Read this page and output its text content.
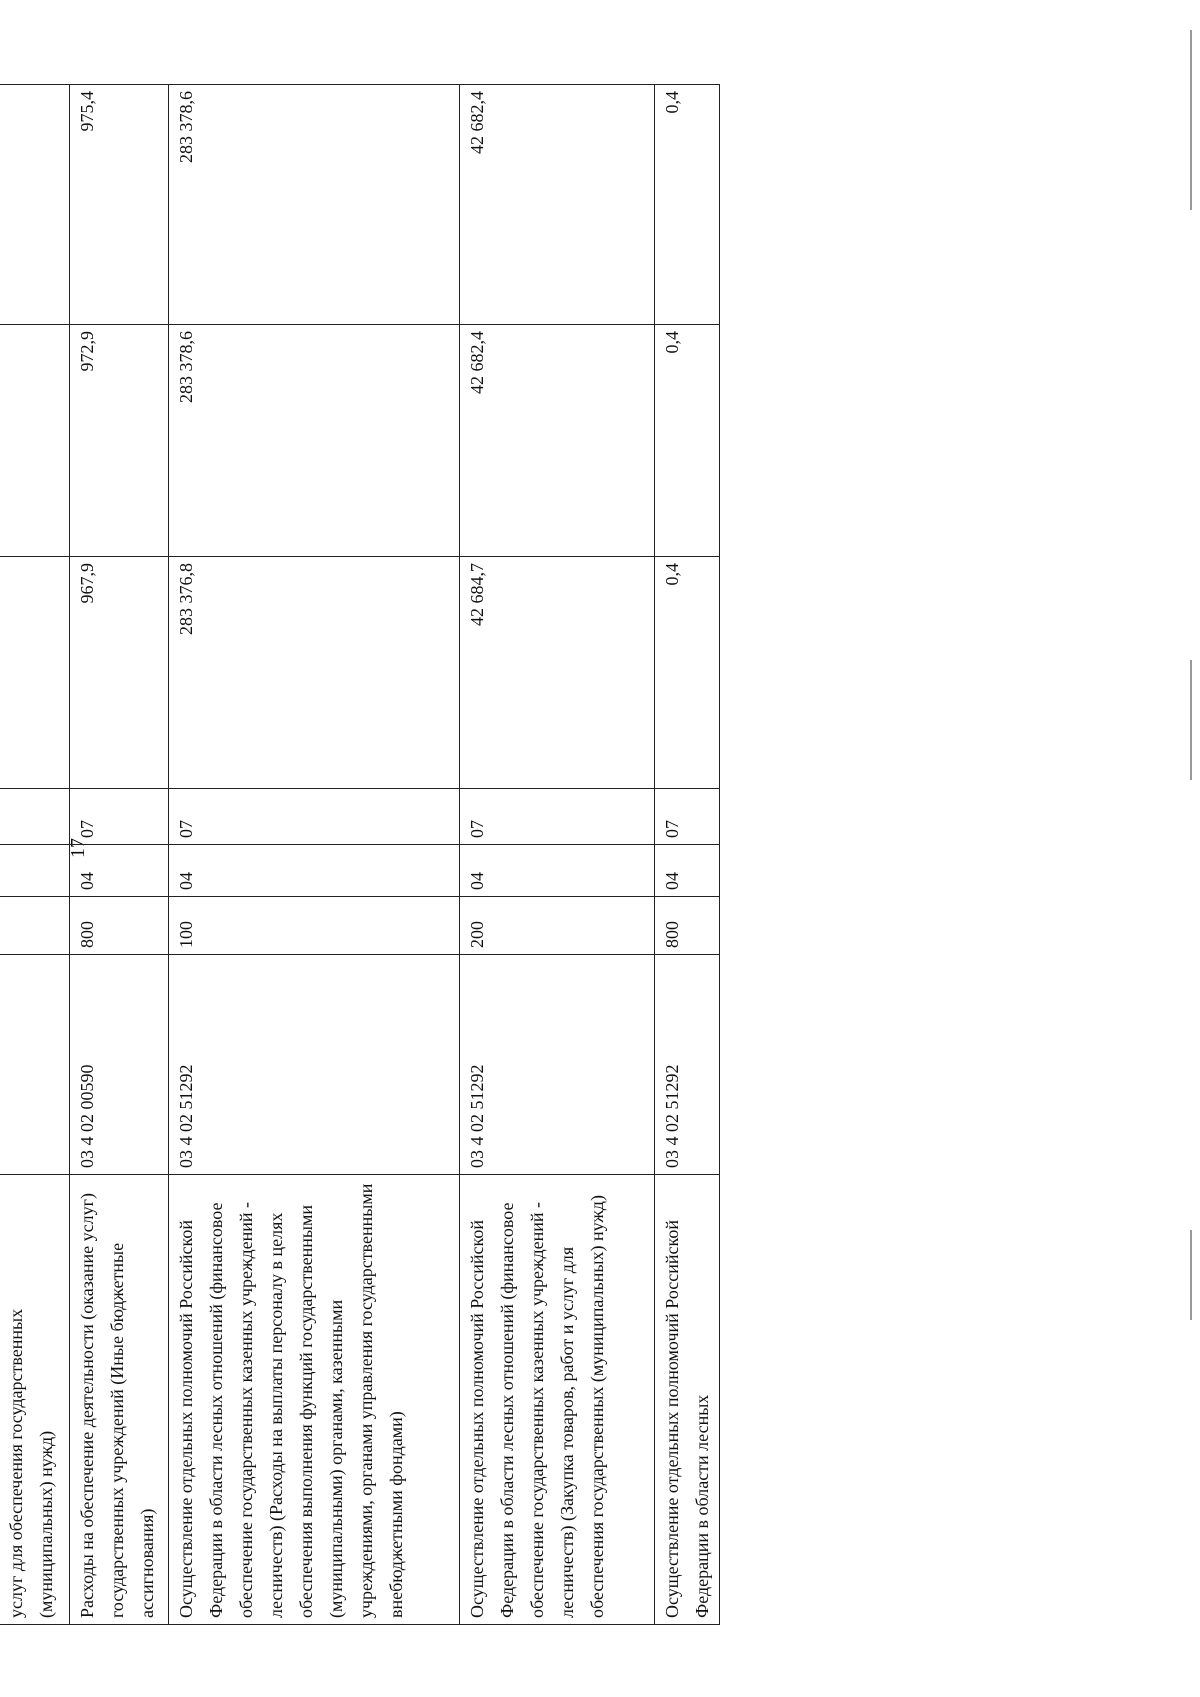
17

услуг для обеспечения государственных (муниципальных) нужд)							
Расходы на обеспечение деятельности (оказание услуг) государственных учреждений (Иные бюджетные ассигнования)	03 4 02 00590	800	04	07	967,9	972,9	975,4
Осуществление отдельных полномочий Российской Федерации в области лесных отношений (финансовое обеспечение государственных казенных учреждений - лесничеств) (Расходы на выплаты персоналу в целях обеспечения выполнения функций государственными (муниципальными) органами, казенными учреждениями, органами управления государственными внебюджетными фондами)	03 4 02 51292	100	04	07	283 376,8	283 378,6	283 378,6
Осуществление отдельных полномочий Российской Федерации в области лесных отношений (финансовое обеспечение государственных казенных учреждений - лесничеств) (Закупка товаров, работ и услуг для обеспечения государственных (муниципальных) нужд)	03 4 02 51292	200	04	07	42 684,7	42 682,4	42 682,4
Осуществление отдельных полномочий Российской Федерации в области лесных	03 4 02 51292	800	04	07	0,4	0,4	0,4
